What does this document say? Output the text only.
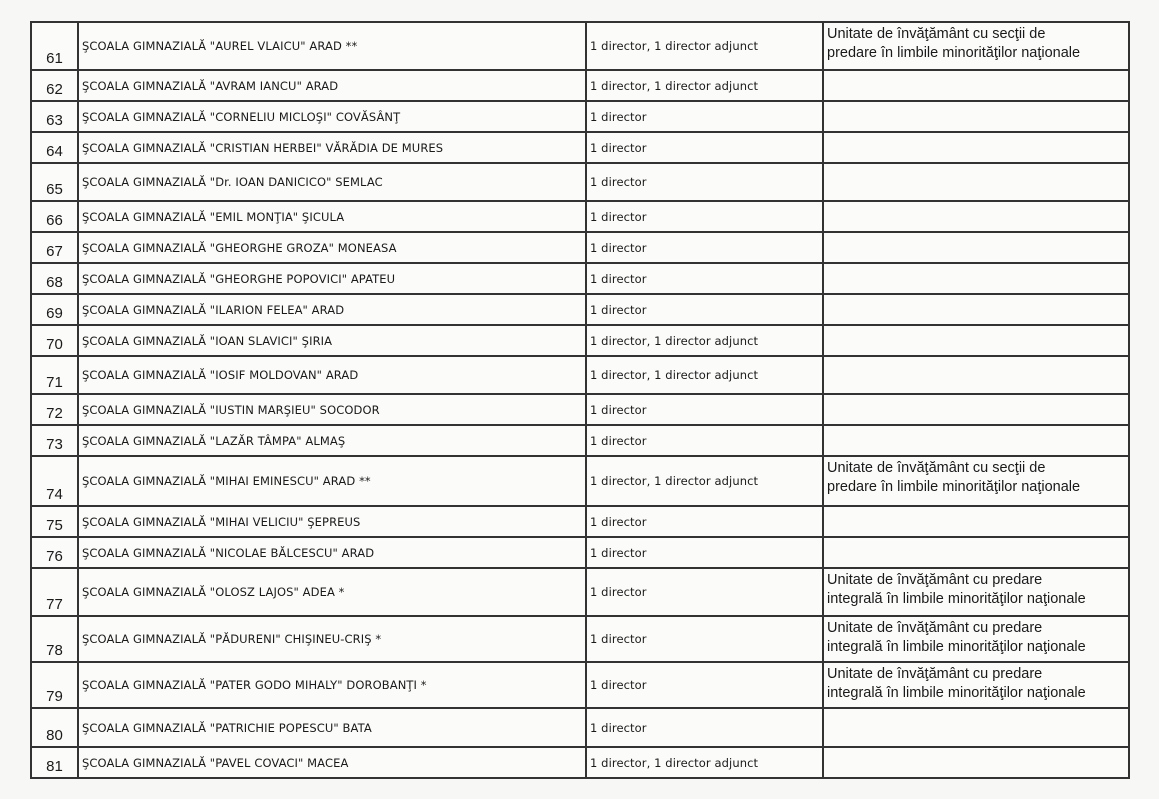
61	ŞCOALA GIMNAZIALĂ "AUREL VLAICU" ARAD **	1 director, 1 director adjunct	Unitate de învăţământ cu secţii de
predare în limbile minorităţilor naţionale

62	ŞCOALA GIMNAZIALĂ "AVRAM IANCU" ARAD	1 director, 1 director adjunct	
63	ŞCOALA GIMNAZIALĂ "CORNELIU MICLOŞI" COVĂSÂNŢ	1 director	
64	ŞCOALA GIMNAZIALĂ "CRISTIAN HERBEI" VĂRĂDIA DE MURES	1 director	
65	ŞCOALA GIMNAZIALĂ "Dr. IOAN DANICICO" SEMLAC	1 director	
66	ŞCOALA GIMNAZIALĂ "EMIL MONŢIA" ŞICULA	1 director	
67	ŞCOALA GIMNAZIALĂ "GHEORGHE GROZA" MONEASA	1 director	
68	ŞCOALA GIMNAZIALĂ "GHEORGHE POPOVICI" APATEU	1 director	
69	ŞCOALA GIMNAZIALĂ "ILARION FELEA" ARAD	1 director	
70	ŞCOALA GIMNAZIALĂ "IOAN SLAVICI" ŞIRIA	1 director, 1 director adjunct	
71	ŞCOALA GIMNAZIALĂ "IOSIF MOLDOVAN" ARAD	1 director, 1 director adjunct	
72	ŞCOALA GIMNAZIALĂ "IUSTIN MARŞIEU" SOCODOR	1 director	
73	ŞCOALA GIMNAZIALĂ "LAZĂR TÂMPA" ALMAŞ	1 director	
74	ŞCOALA GIMNAZIALĂ "MIHAI EMINESCU" ARAD **	1 director, 1 director adjunct	Unitate de învăţământ cu secţii de
predare în limbile minorităţilor naţionale

75	ŞCOALA GIMNAZIALĂ "MIHAI VELICIU" ŞEPREUS	1 director	
76	ŞCOALA GIMNAZIALĂ "NICOLAE BĂLCESCU" ARAD	1 director	
77	ŞCOALA GIMNAZIALĂ "OLOSZ LAJOS" ADEA *	1 director	Unitate de învăţământ cu predare
integrală în limbile minorităţilor naţionale

78	ŞCOALA GIMNAZIALĂ "PĂDURENI" CHIŞINEU-CRIŞ *	1 director	Unitate de învăţământ cu predare
integrală în limbile minorităţilor naţionale

79	ŞCOALA GIMNAZIALĂ "PATER GODO MIHALY" DOROBANŢI *	1 director	Unitate de învăţământ cu predare
integrală în limbile minorităţilor naţionale

80	ŞCOALA GIMNAZIALĂ "PATRICHIE POPESCU" BATA	1 director	
81	ŞCOALA GIMNAZIALĂ "PAVEL COVACI" MACEA	1 director, 1 director adjunct	
